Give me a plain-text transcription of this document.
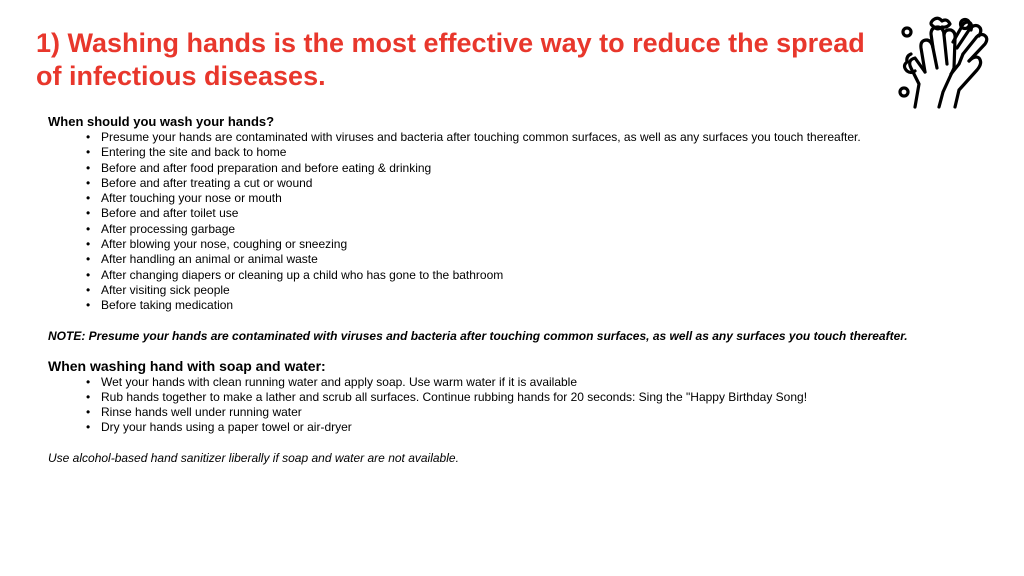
1) Washing hands is the most effective way to reduce the spread of infectious diseases.

When should you wash your hands?

• Presume your hands are contaminated with viruses and bacteria after touching common surfaces, as well as any surfaces you touch thereafter.
• Entering the site and back to home
• Before and after food preparation and before eating & drinking
• Before and after treating a cut or wound
• After touching your nose or mouth
• Before and after toilet use
• After processing garbage
• After blowing your nose, coughing or sneezing
• After handling an animal or animal waste
• After changing diapers or cleaning up a child who has gone to the bathroom
• After visiting sick people
• Before taking medication

NOTE: Presume your hands are contaminated with viruses and bacteria after touching common surfaces, as well as any surfaces you touch thereafter.

When washing hand with soap and water:

• Wet your hands with clean running water and apply soap. Use warm water if it is available
• Rub hands together to make a lather and scrub all surfaces. Continue rubbing hands for 20 seconds: Sing the "Happy Birthday Song!
• Rinse hands well under running water
• Dry your hands using a paper towel or air-dryer

Use alcohol-based hand sanitizer liberally if soap and water are not available.
